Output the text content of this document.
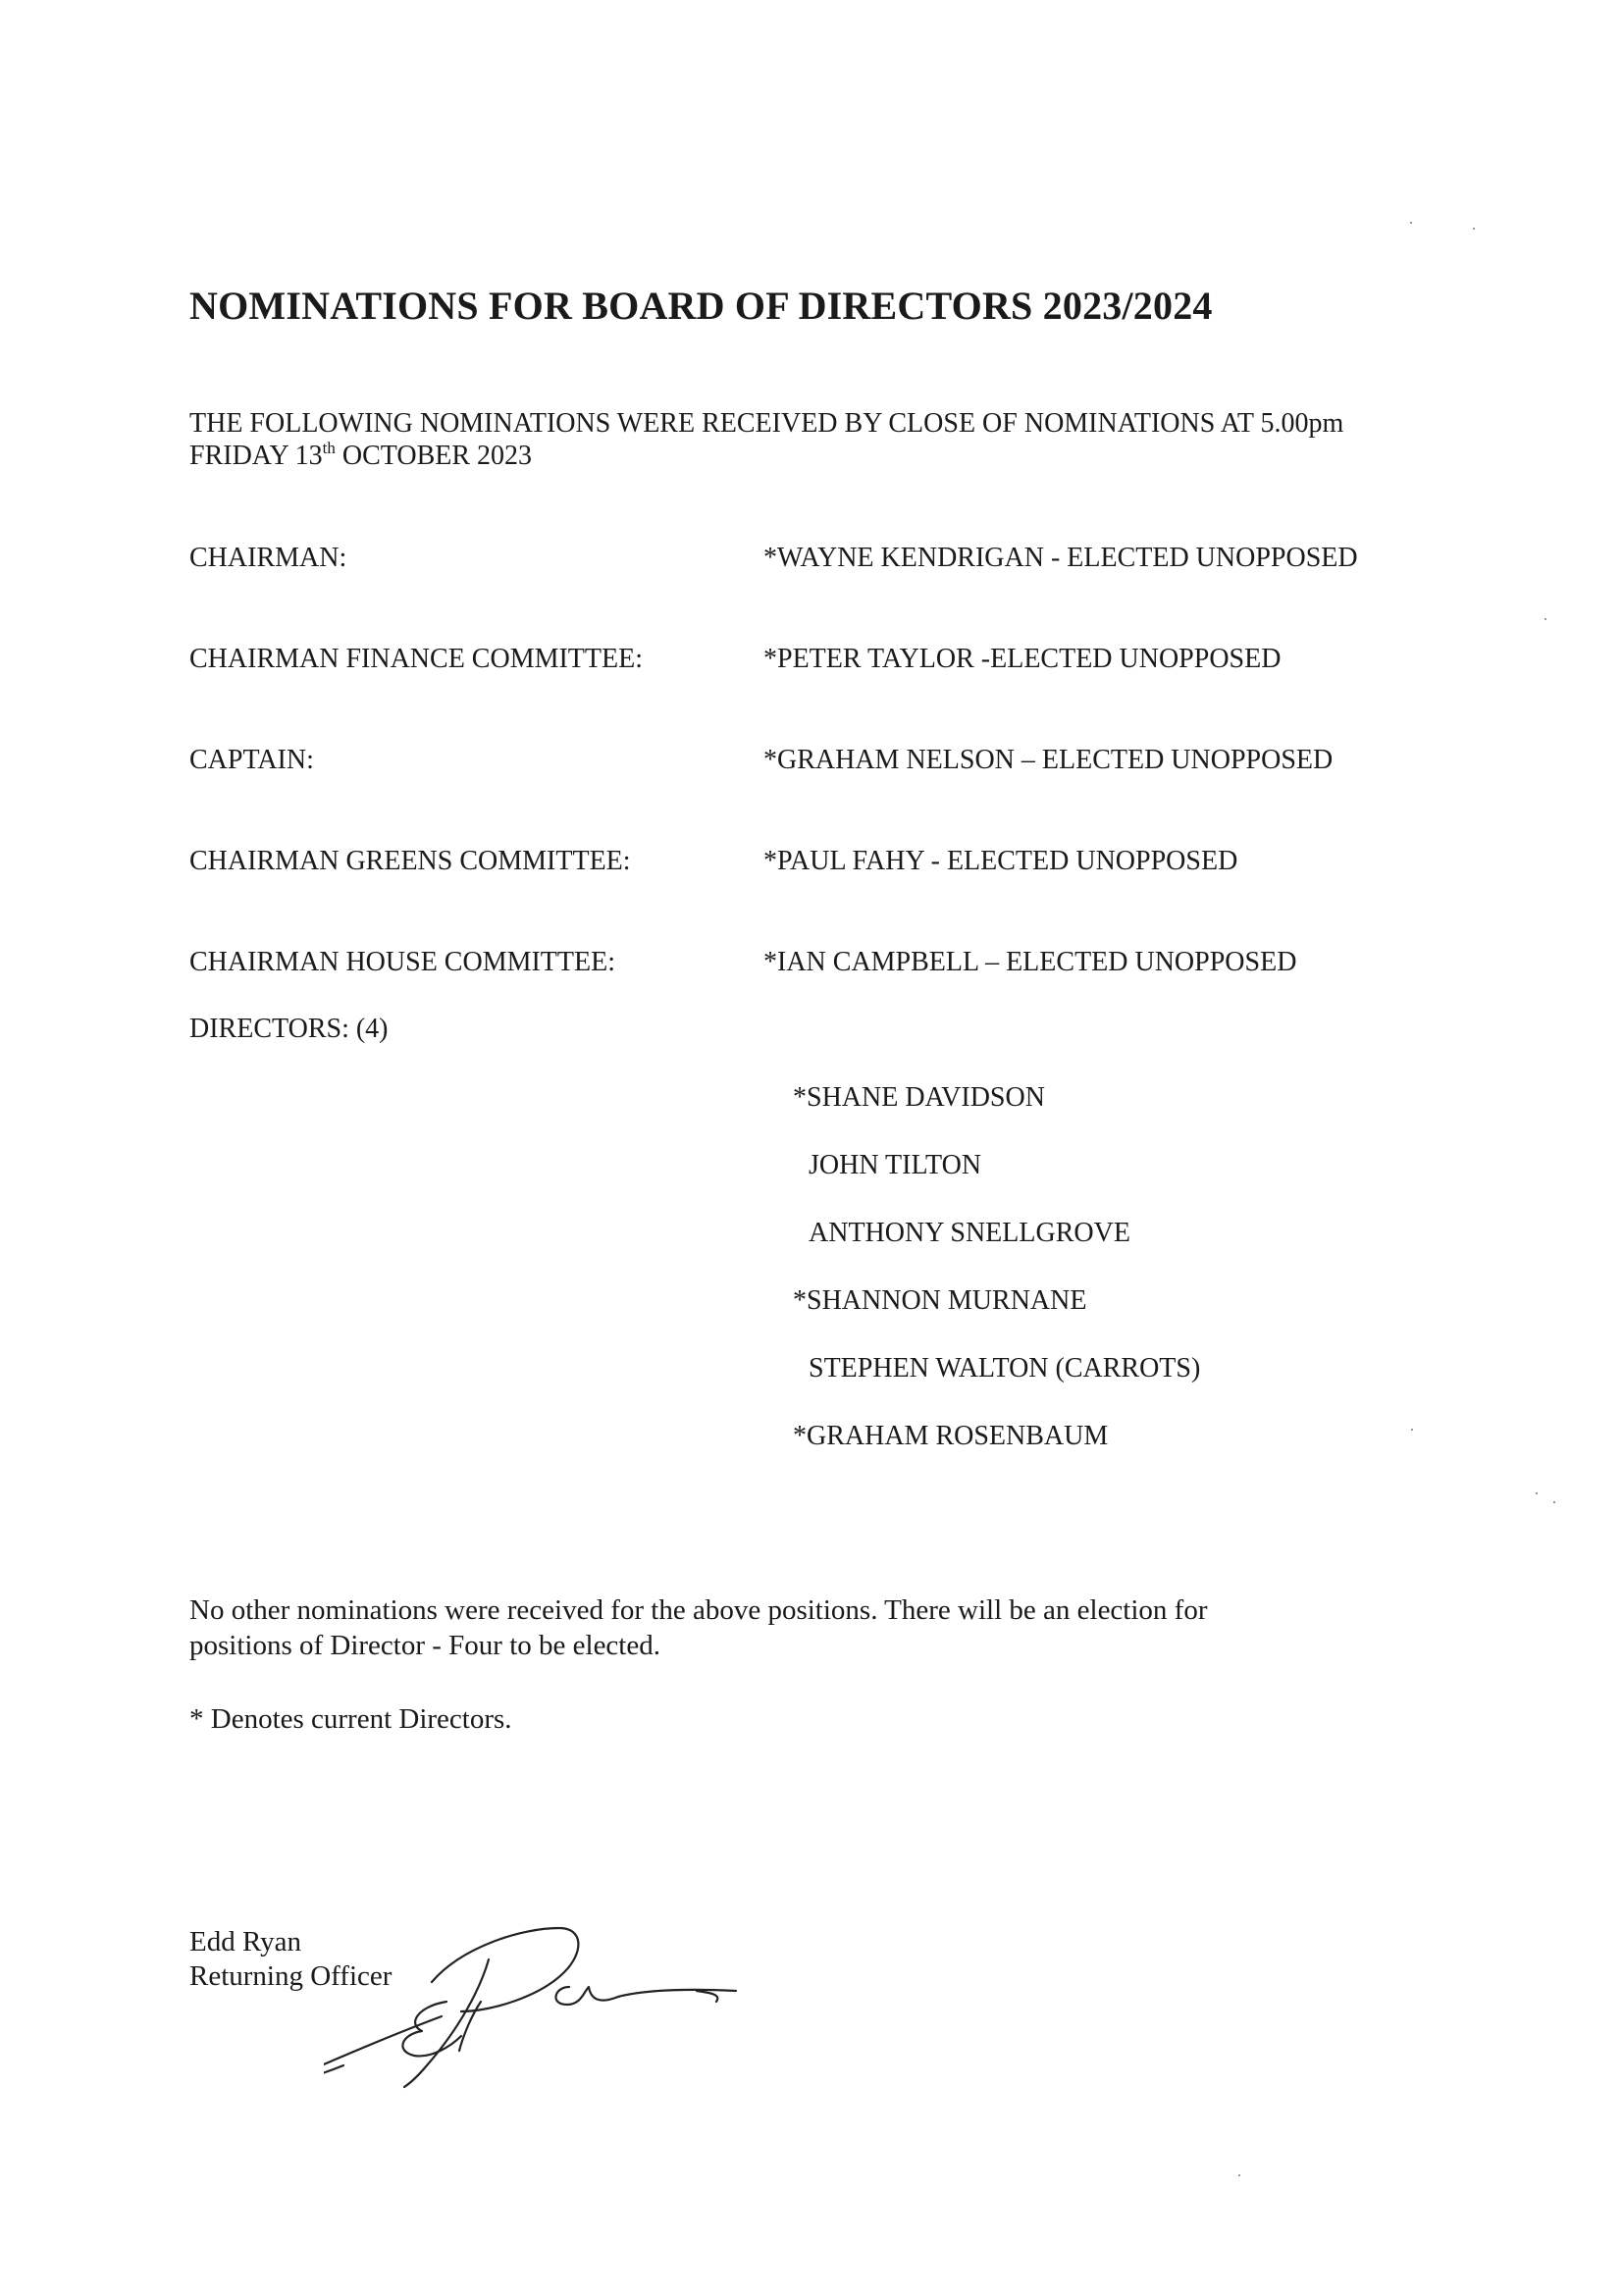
NOMINATIONS FOR BOARD OF DIRECTORS 2023/2024
THE FOLLOWING NOMINATIONS WERE RECEIVED BY CLOSE OF NOMINATIONS AT 5.00pm
FRIDAY 13th OCTOBER 2023
CHAIRMAN:	*WAYNE KENDRIGAN - ELECTED UNOPPOSED
CHAIRMAN FINANCE COMMITTEE:	*PETER TAYLOR -ELECTED UNOPPOSED
CAPTAIN:	*GRAHAM NELSON – ELECTED UNOPPOSED
CHAIRMAN GREENS COMMITTEE:	*PAUL FAHY - ELECTED UNOPPOSED
CHAIRMAN HOUSE COMMITTEE:	*IAN CAMPBELL – ELECTED UNOPPOSED
DIRECTORS: (4)
*SHANE DAVIDSON
JOHN TILTON
ANTHONY SNELLGROVE
*SHANNON MURNANE
STEPHEN WALTON (CARROTS)
*GRAHAM ROSENBAUM
No other nominations were received for the above positions. There will be an election for
positions of Director - Four to be elected.
* Denotes current Directors.
Edd Ryan
Returning Officer
